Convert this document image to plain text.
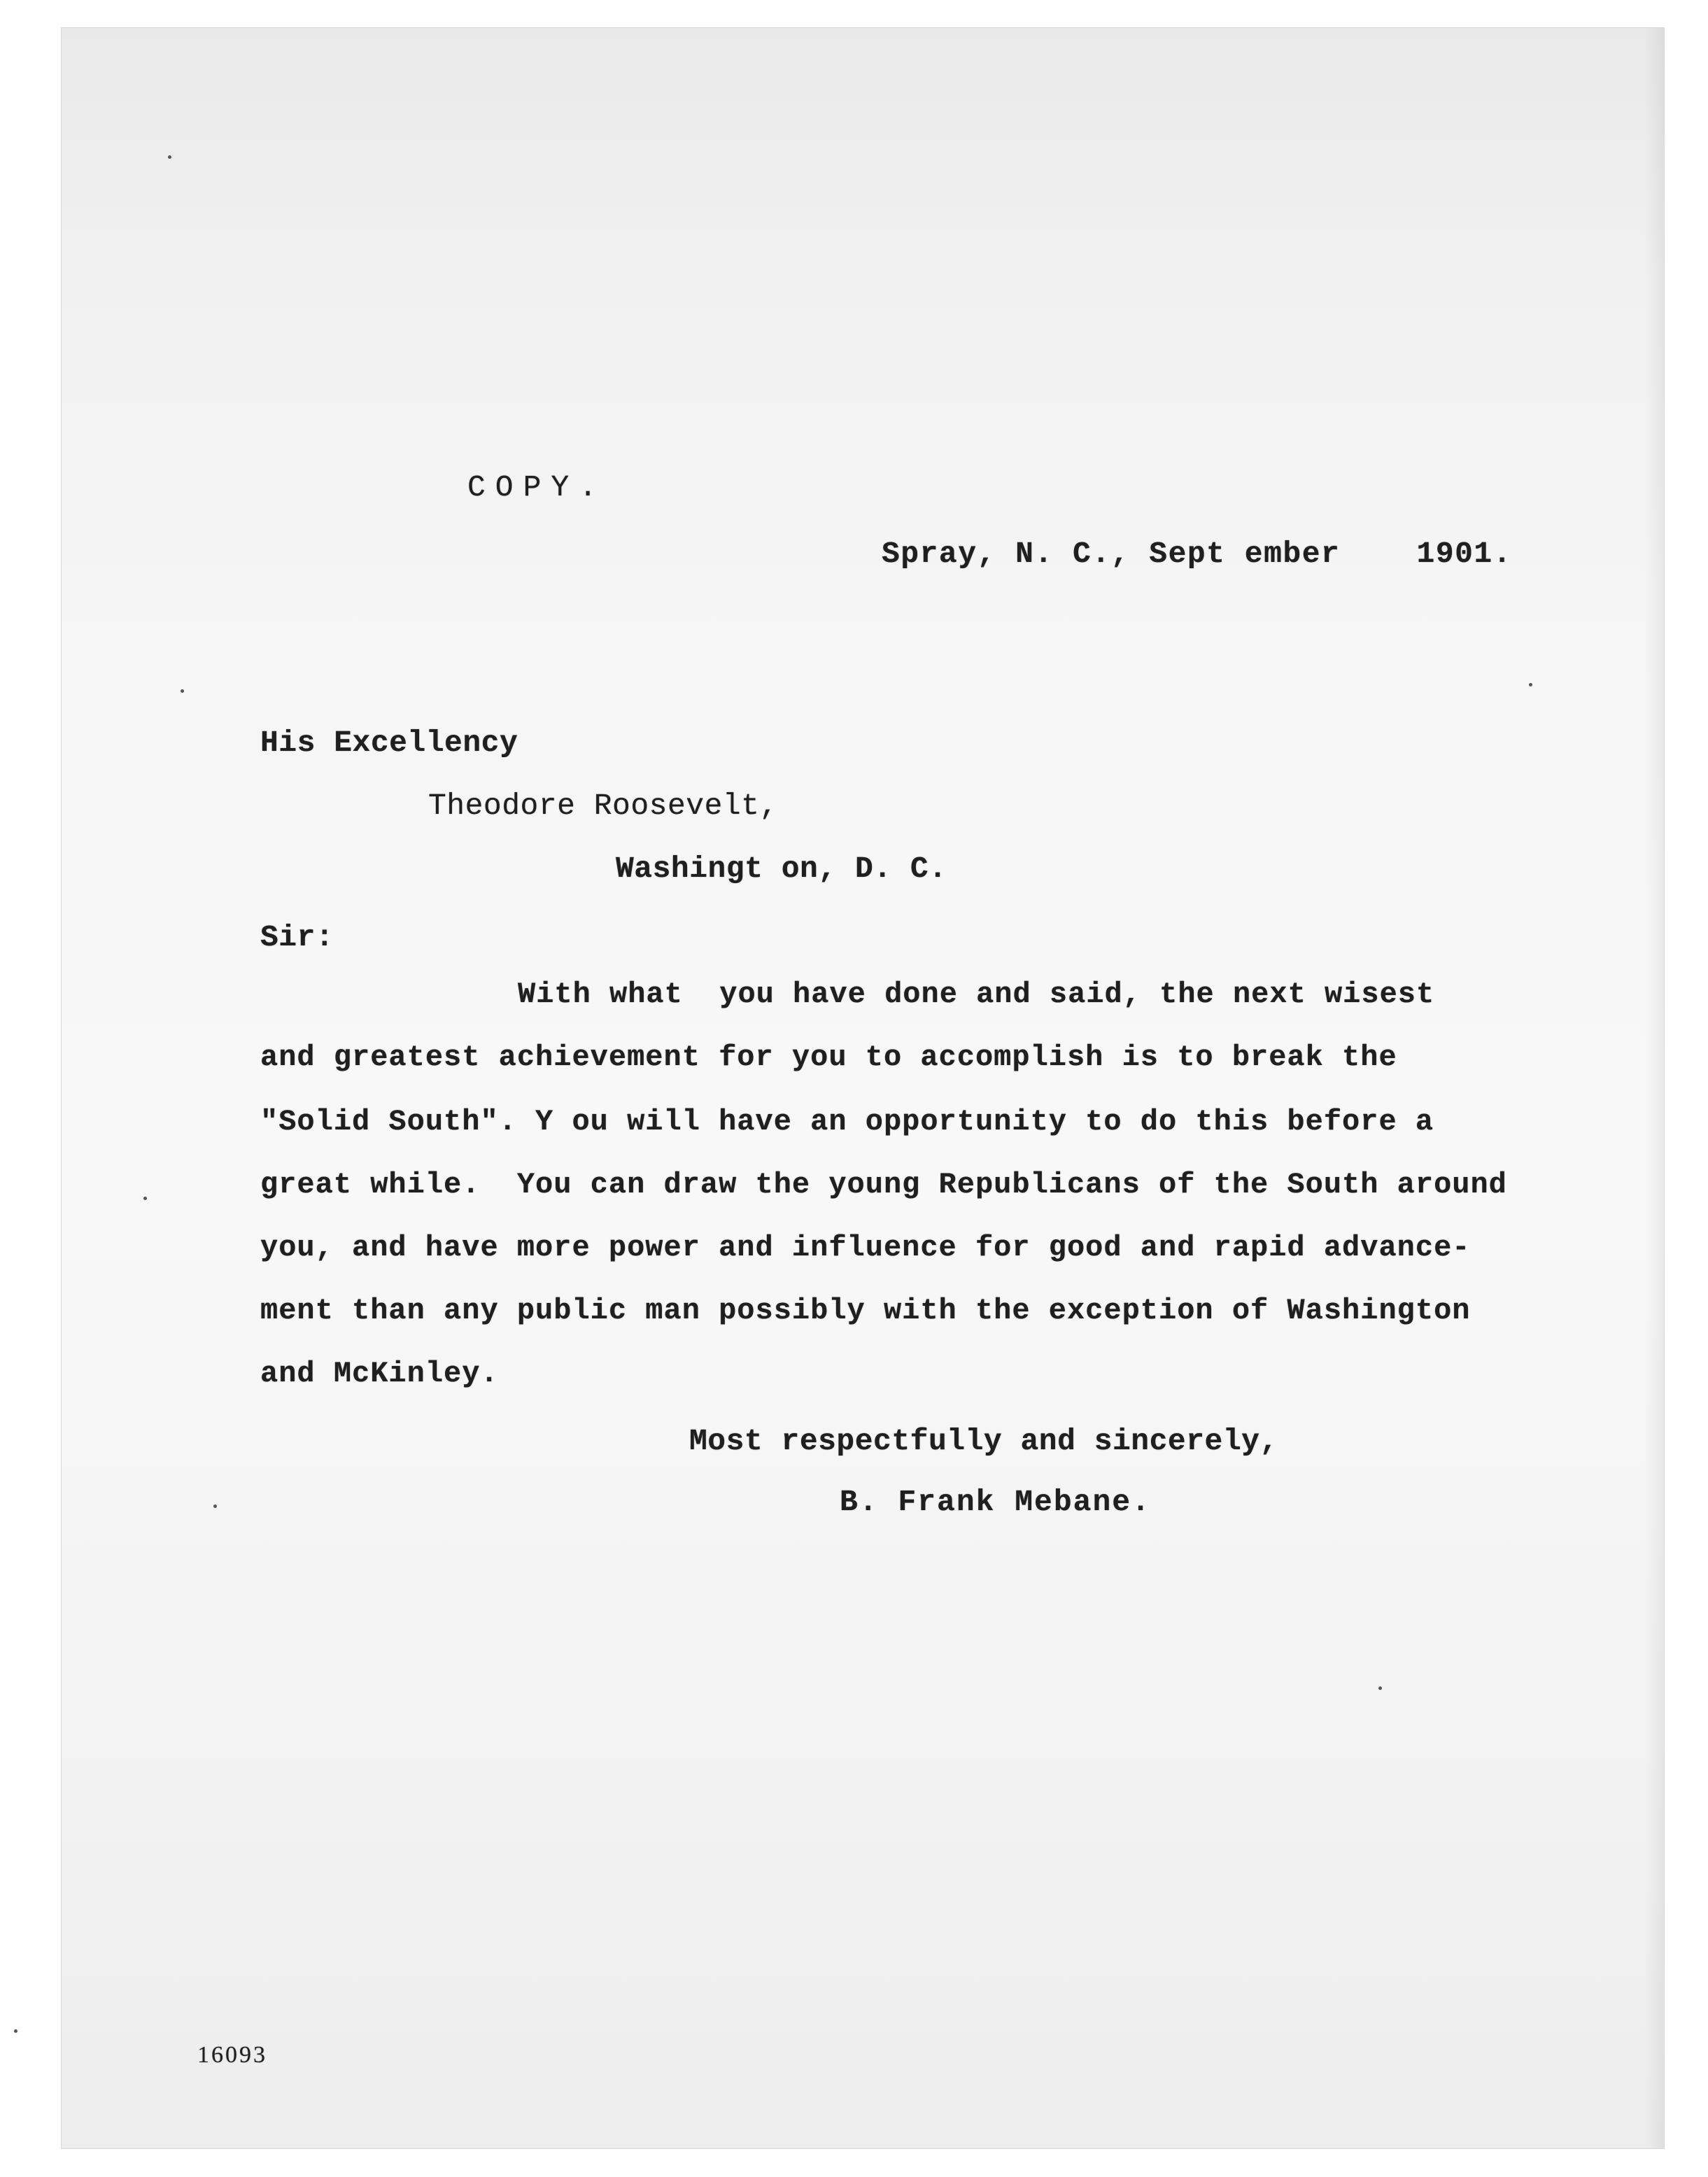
COPY.
Spray, N. C., Sept ember    1901.
His Excellency
Theodore Roosevelt,
Washingt on, D. C.
Sir:
With what  you have done and said, the next wisest
and greatest achievement for you to accomplish is to break the
"Solid South". Y ou will have an opportunity to do this before a
great while.  You can draw the young Republicans of the South around
you, and have more power and influence for good and rapid advance-
ment than any public man possibly with the exception of Washington
and McKinley.
Most respectfully and sincerely,
B. Frank Mebane.
16093
